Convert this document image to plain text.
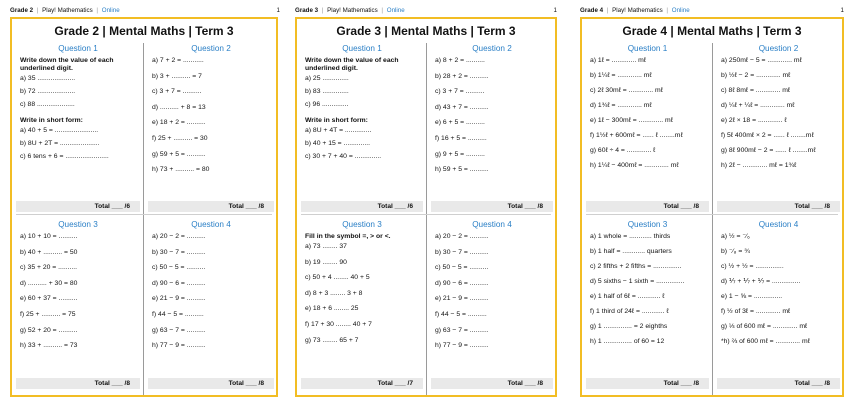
Grade 2 | Play! Mathematics | Online	1
Grade 2 | Mental Maths | Term 3
Question 1
Write down the value of each underlined digit.
a) 35 ....................
b) 72 ....................
c) 88 ....................
Write in short form:
a) 40 + 5 = .......................
b) 8U + 2T = .....................
c) 6 tens + 6 = .......................
Total ___ /6
Question 2
a) 7 + 2 = ...........
b) 3 + .......... = 7
c) 3 + 7 = ..........
d) .......... + 8 = 13
e) 18 + 2 = ..........
f) 25 + .......... = 30
g) 59 + 5 = ..........
h) 73 + .......... = 80
Total ___ /8
Question 3
a) 10 + 10 = ..........
b) 40 + .......... = 50
c) 35 + 20 = ..........
d) .......... + 30 = 80
e) 60 + 37 = ..........
f) 25 + .......... = 75
g) 52 + 20 = ..........
h) 33 + .......... = 73
Total ___ /8
Question 4
a) 20 − 2 = ..........
b) 30 − 7 = ..........
c) 50 − 5 = ..........
d) 90 − 6 = ..........
e) 21 − 9 = ..........
f) 44 − 5 = ..........
g) 63 − 7 = ..........
h) 77 − 9 = ..........
Total ___ /8
Grade 3 | Play! Mathematics | Online	1
Grade 3 | Mental Maths | Term 3
Question 1
Write down the value of each underlined digit.
a) 25 ..............
b) 83 ..............
c) 96 ..............
Write in short form:
a) 8U + 4T = ..............
b) 40 + 15 = ..............
c) 30 + 7 + 40 = ..............
Total ___ /6
Question 2
a) 8 + 2 = ..........
b) 28 + 2 = ..........
c) 3 + 7 = ..........
d) 43 + 7 = ..........
e) 6 + 5 = ..........
f) 16 + 5 = ..........
g) 9 + 5 = ..........
h) 59 + 5 = ..........
Total ___ /8
Question 3
Fill in the symbol =, > or <.
a) 73 ........ 37
b) 19 ........ 90
c) 50 + 4 ........ 40 + 5
d) 8 + 3 ........ 3 + 8
e) 18 + 6 ........ 25
f) 17 + 30 ........ 40 + 7
g) 73 ........ 65 + 7
Total ___ /7
Question 4
a) 20 − 2 = ..........
b) 30 − 7 = ..........
c) 50 − 5 = ..........
d) 90 − 6 = ..........
e) 21 − 9 = ..........
f) 44 − 5 = ..........
g) 63 − 7 = ..........
h) 77 − 9 = ..........
Total ___ /8
Grade 4 | Play! Mathematics | Online	1
Grade 4 | Mental Maths | Term 3
Question 1
a) 1ℓ = ............. mℓ
b) 1¼ℓ = ............. mℓ
c) 2ℓ 30mℓ = ............. mℓ
d) 1¾ℓ = ............. mℓ
e) 1ℓ − 300mℓ = ............. mℓ
f) 1½ℓ + 600mℓ = ...... ℓ ........mℓ
g) 60ℓ ÷ 4 = ............. ℓ
h) 1¼ℓ − 400mℓ = ............. mℓ
Total ___ /8
Question 2
a) 250mℓ − 5 = ............. mℓ
b) ½ℓ − 2 = ............. mℓ
c) 8ℓ 8mℓ = ............. mℓ
d) ¼ℓ + ¼ℓ = ............. mℓ
e) 2ℓ × 18 = ............. ℓ
f) 5ℓ 400mℓ × 2 = ...... ℓ ........mℓ
g) 8ℓ 900mℓ − 2 = ...... ℓ ........mℓ
h) 2ℓ − ............. mℓ = 1¾ℓ
Total ___ /8
Question 3
a) 1 whole = ............ thirds
b) 1 half = ............ quarters
c) 2 fifths + 2 fifths = ...............
d) 5 sixths − 1 sixth = ...............
e) 1 half of 6ℓ = ............ ℓ
f) 1 third of 24ℓ = ............ ℓ
g) 1 ............... = 2 eighths
h) 1 ............... of 60 = 12
Total ___ /8
Question 4
a) ½ = ⁻⁄₆
b) ⁻⁄₈ = ¾
c) ½ + ½ = ...............
d) ⅐ + ⅐ + ⅐ = ...............
e) 1 − ⅝ = ...............
f) ½ of 3ℓ = ............. mℓ
g) ⅓ of 600 mℓ = ............. mℓ
*h) ⅔ of 600 mℓ = ............. mℓ
Total ___ /8
